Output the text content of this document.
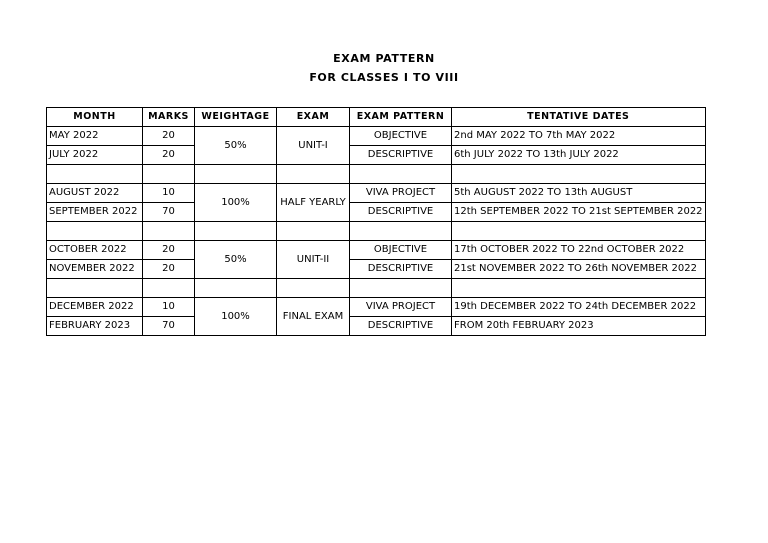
EXAM PATTERN
FOR CLASSES I TO VIII
MONTH	MARKS	WEIGHTAGE	EXAM	EXAM PATTERN	TENTATIVE DATES
MAY 2022	20	50%	UNIT-I	OBJECTIVE	2nd MAY 2022 TO 7th MAY 2022
JULY 2022	20			DESCRIPTIVE	6th JULY 2022 TO 13th JULY 2022

AUGUST 2022	10	100%	HALF YEARLY	VIVA PROJECT	5th AUGUST 2022 TO 13th AUGUST
SEPTEMBER 2022	70			DESCRIPTIVE	12th SEPTEMBER 2022 TO 21st SEPTEMBER 2022

OCTOBER 2022	20	50%	UNIT-II	OBJECTIVE	17th OCTOBER 2022 TO 22nd OCTOBER 2022
NOVEMBER 2022	20			DESCRIPTIVE	21st NOVEMBER 2022 TO 26th NOVEMBER 2022

DECEMBER 2022	10	100%	FINAL EXAM	VIVA PROJECT	19th DECEMBER 2022 TO 24th DECEMBER 2022
FEBRUARY 2023	70			DESCRIPTIVE	FROM 20th FEBRUARY 2023
